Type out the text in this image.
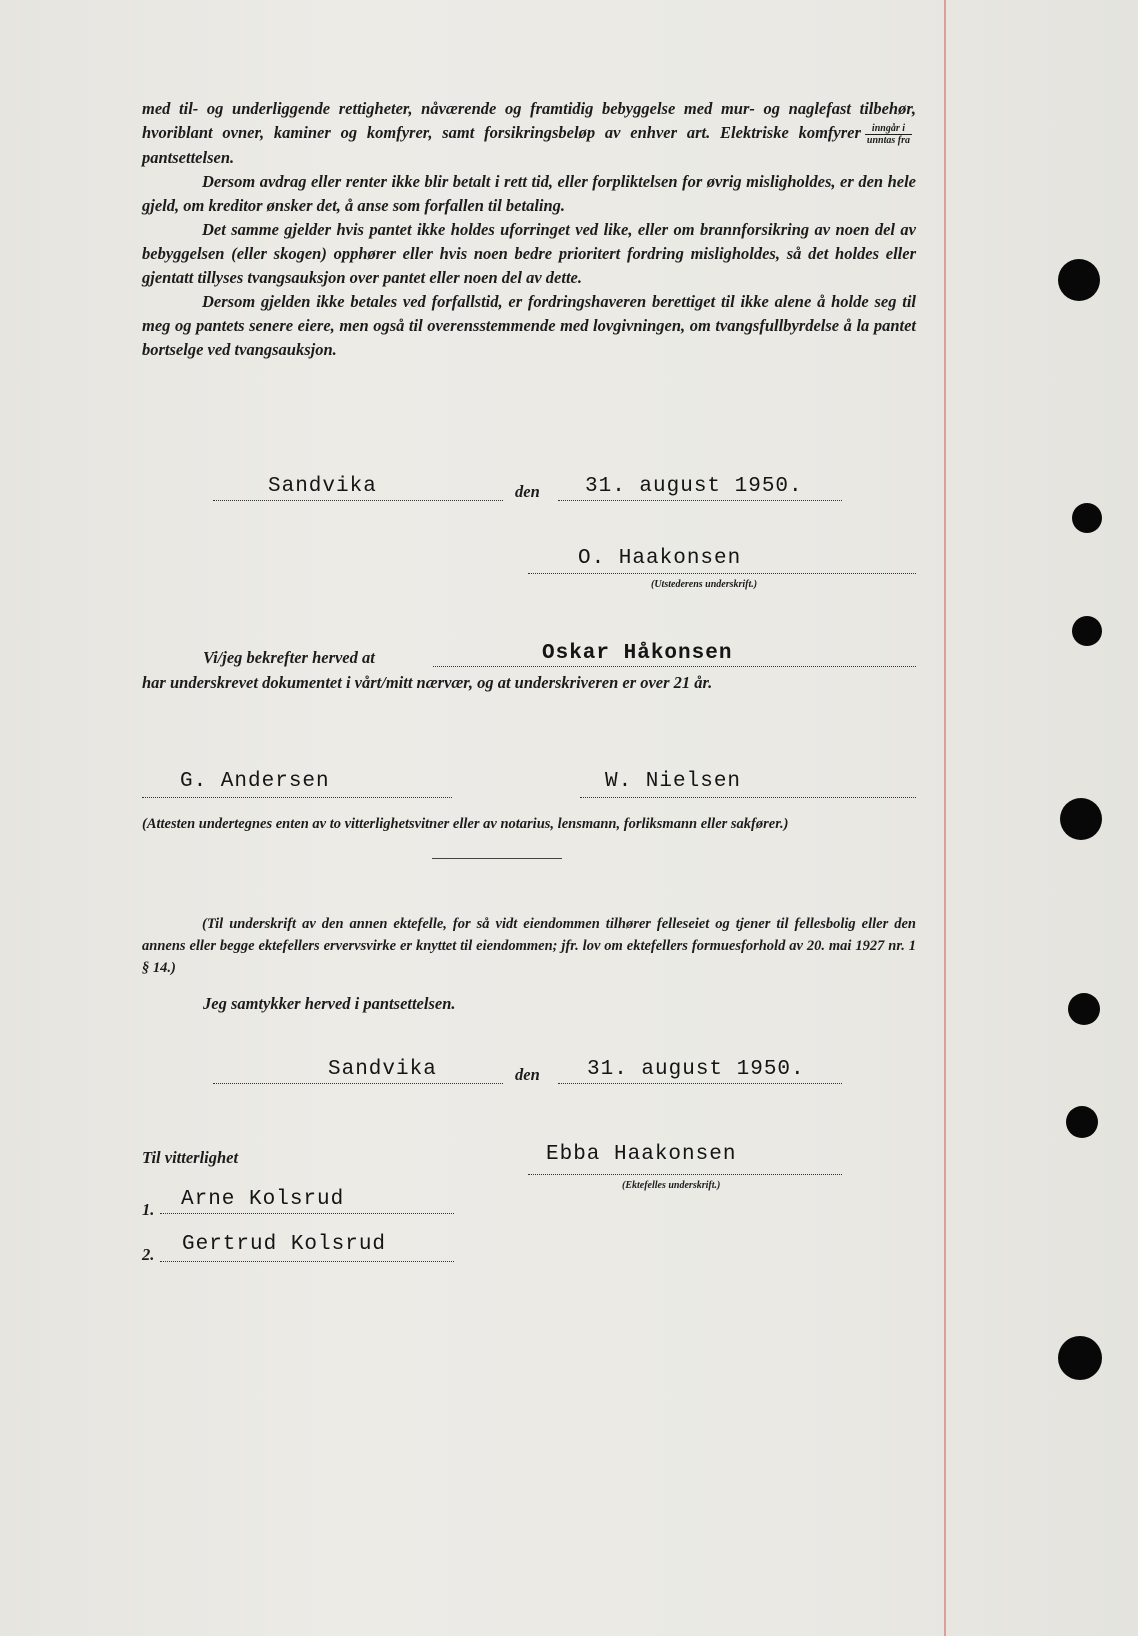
med til- og underliggende rettigheter, nåværende og framtidig bebyggelse med mur- og naglefast tilbehør, hvoriblant ovner, kaminer og komfyrer, samt forsikringsbeløp av enhver art. Elektriske komfyrer $\frac{\text{inngår i}}{\text{unntas fra}}$
pantsettelsen.

Dersom avdrag eller renter ikke blir betalt i rett tid, eller forpliktelsen for øvrig misligholdes, er den hele gjeld, om kreditor ønsker det, å anse som forfallen til betaling.

Det samme gjelder hvis pantet ikke holdes uforringet ved like, eller om brannforsikring av noen del av bebyggelsen (eller skogen) opphører eller hvis noen bedre prioritert fordring misligholdes, så det holdes eller gjentatt tillyses tvangsauksjon over pantet eller noen del av dette.

Dersom gjelden ikke betales ved forfallstid, er fordringshaveren berettiget til ikke alene å holde seg til meg og pantets senere eiere, men også til overensstemmende med lovgivningen, om tvangsfullbyrdelse å la pantet bortselge ved tvangsauksjon.

Sandvika	den 31. august 1950.
O. Haakonsen
(Utstederens underskrift.)
Vi/jeg bekrefter herved at	Oskar Håkonsen
har underskrevet dokumentet i vårt/mitt nærvær, og at underskriveren er over 21 år.
G. Andersen	W. Nielsen
(Attesten undertegnes enten av to vitterlighetsvitner eller av notarius, lensmann, forliksmann eller sakfører.)

(Til underskrift av den annen ektefelle, for så vidt eiendommen tilhører felleseiet og tjener til fellesbolig eller den annens eller begge ektefellers ervervsvirke er knyttet til eiendommen; jfr. lov om ektefellers formuesforhold av 20. mai 1927 nr. 1 § 14.)

Jeg samtykker herved i pantsettelsen.
Sandvika	den 31. august 1950.
Til vitterlighet	Ebba Haakonsen
(Ektefelles underskrift.)
1. Arne Kolsrud
2. Gertrud Kolsrud
